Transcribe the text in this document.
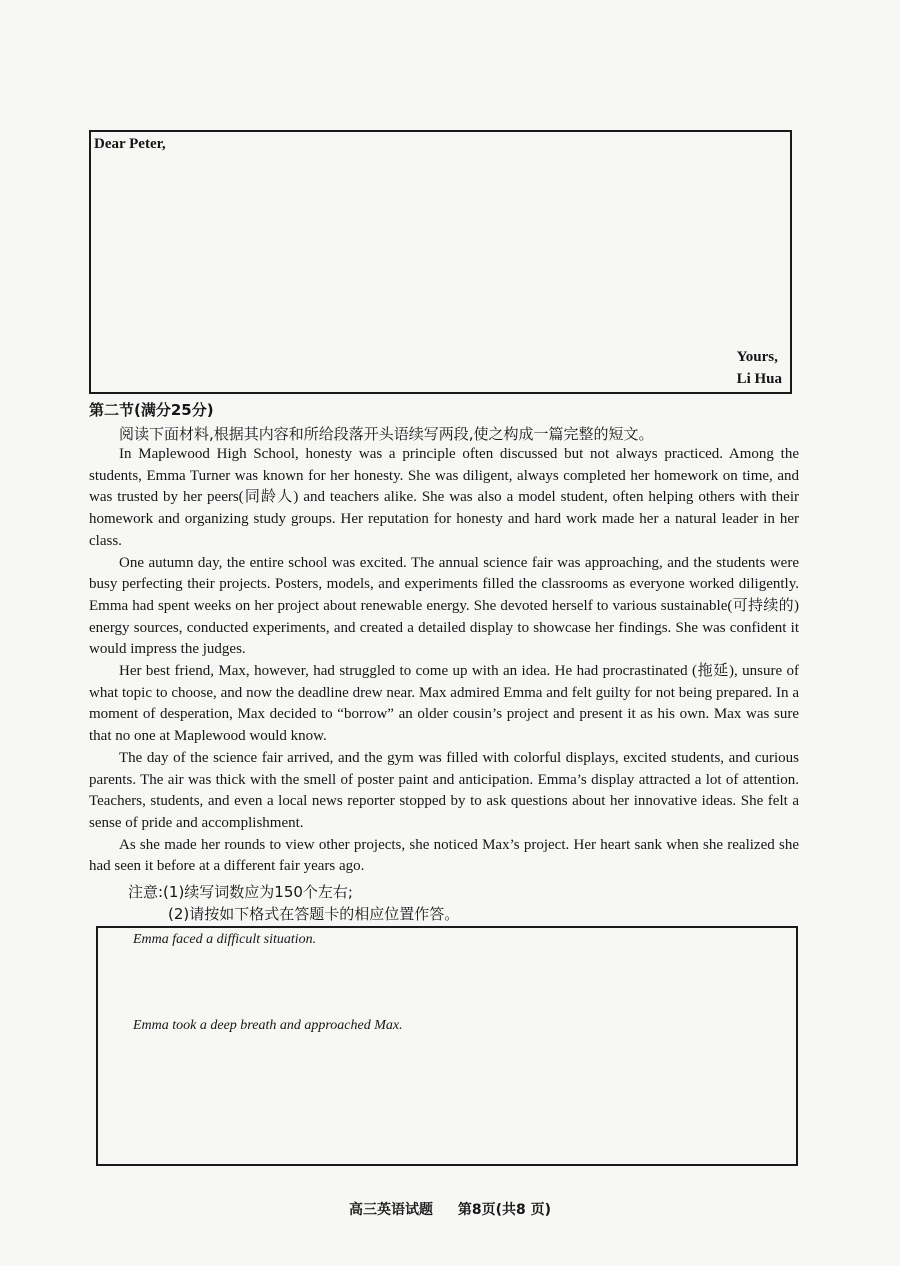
Dear Peter,
Yours,
Li Hua
第二节(满分25分)
阅读下面材料,根据其内容和所给段落开头语续写两段,使之构成一篇完整的短文。

In Maplewood High School, honesty was a principle often discussed but not always practiced. Among the students, Emma Turner was known for her honesty. She was diligent, always completed her homework on time, and was trusted by her peers(同龄人) and teachers alike. She was also a model student, often helping others with their homework and organizing study groups. Her reputation for honesty and hard work made her a natural leader in her class.

One autumn day, the entire school was excited. The annual science fair was approaching, and the students were busy perfecting their projects. Posters, models, and experiments filled the classrooms as everyone worked diligently. Emma had spent weeks on her project about renewable energy. She devoted herself to various sustainable(可持续的) energy sources, conducted experiments, and created a detailed display to showcase her findings. She was confident it would impress the judges.

Her best friend, Max, however, had struggled to come up with an idea. He had procrastinated (拖延), unsure of what topic to choose, and now the deadline drew near. Max admired Emma and felt guilty for not being prepared. In a moment of desperation, Max decided to “borrow” an older cousin’s project and present it as his own. Max was sure that no one at Maplewood would know.

The day of the science fair arrived, and the gym was filled with colorful displays, excited students, and curious parents. The air was thick with the smell of poster paint and anticipation. Emma’s display attracted a lot of attention. Teachers, students, and even a local news reporter stopped by to ask questions about her innovative ideas. She felt a sense of pride and accomplishment.

As she made her rounds to view other projects, she noticed Max’s project. Her heart sank when she realized she had seen it before at a different fair years ago.

注意:(1)续写词数应为150个左右;
(2)请按如下格式在答题卡的相应位置作答。
Emma faced a difficult situation.
Emma took a deep breath and approached Max.
高三英语试题 第8页(共8 页)
